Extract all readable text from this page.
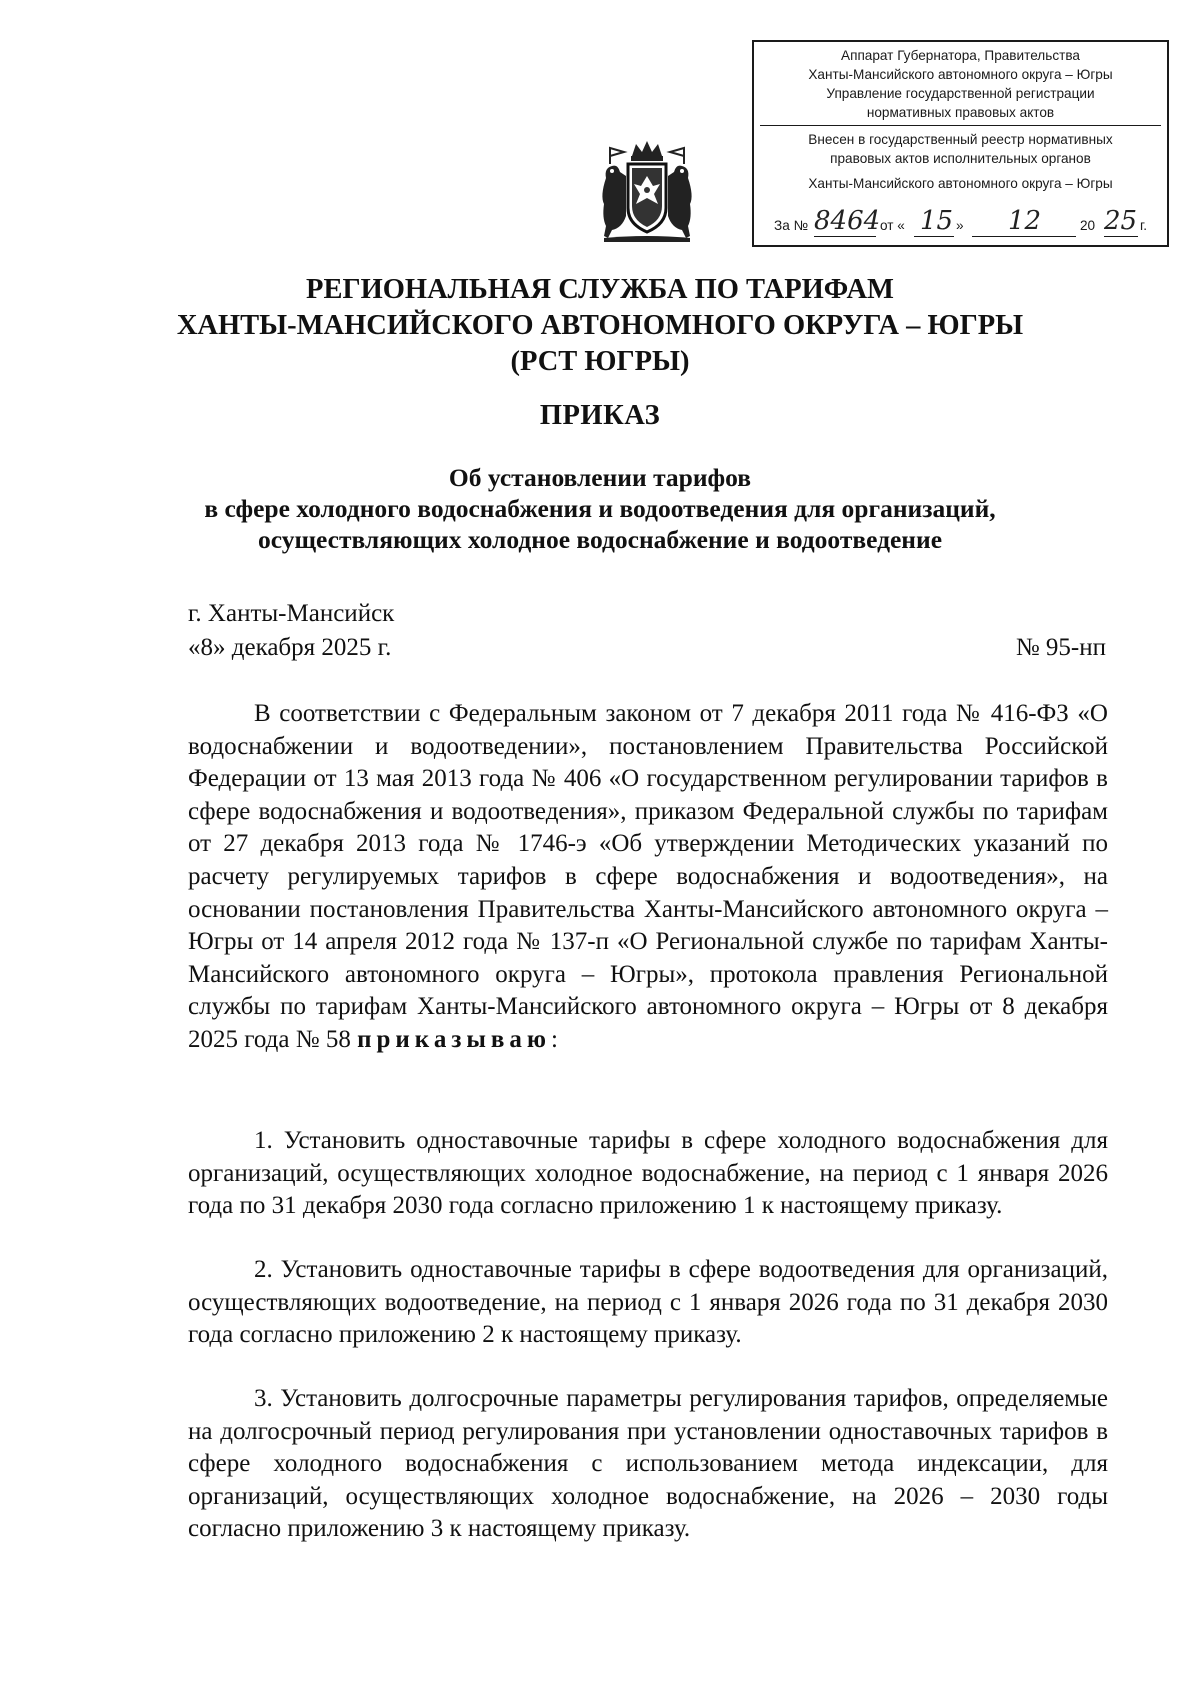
Аппарат Губернатора, Правительства
Ханты-Мансийского автономного округа – Югры
Управление государственной регистрации
нормативных правовых актов
Внесен в государственный реестр нормативных
правовых актов исполнительных органов
Ханты-Мансийского автономного округа – Югры
За № 8464 от « 15 »	12	20 25 г.
РЕГИОНАЛЬНАЯ СЛУЖБА ПО ТАРИФАМ
ХАНТЫ-МАНСИЙСКОГО АВТОНОМНОГО ОКРУГА – ЮГРЫ
(РСТ ЮГРЫ)
ПРИКАЗ
Об установлении тарифов
в сфере холодного водоснабжения и водоотведения для организаций,
осуществляющих холодное водоснабжение и водоотведение
г. Ханты-Мансийск
«8» декабря 2025 г.	№ 95-нп

В соответствии с Федеральным законом от 7 декабря 2011 года № 416-ФЗ «О водоснабжении и водоотведении», постановлением Правительства Российской Федерации от 13 мая 2013 года № 406 «О государственном регулировании тарифов в сфере водоснабжения и водоотведения», приказом Федеральной службы по тарифам от 27 декабря 2013 года № 1746-э «Об утверждении Методических указаний по расчету регулируемых тарифов в сфере водоснабжения и водоотведения», на основании постановления Правительства Ханты-Мансийского автономного округа – Югры от 14 апреля 2012 года № 137-п «О Региональной службе по тарифам Ханты-Мансийского автономного округа – Югры», протокола правления Региональной службы по тарифам Ханты-Мансийского автономного округа – Югры от 8 декабря 2025 года № 58 приказываю:

1. Установить одноставочные тарифы в сфере холодного водоснабжения для организаций, осуществляющих холодное водоснабжение, на период с 1 января 2026 года по 31 декабря 2030 года согласно приложению 1 к настоящему приказу.

2. Установить одноставочные тарифы в сфере водоотведения для организаций, осуществляющих водоотведение, на период с 1 января 2026 года по 31 декабря 2030 года согласно приложению 2 к настоящему приказу.

3. Установить долгосрочные параметры регулирования тарифов, определяемые на долгосрочный период регулирования при установлении одноставочных тарифов в сфере холодного водоснабжения с использованием метода индексации, для организаций, осуществляющих холодное водоснабжение, на 2026 – 2030 годы согласно приложению 3 к настоящему приказу.
